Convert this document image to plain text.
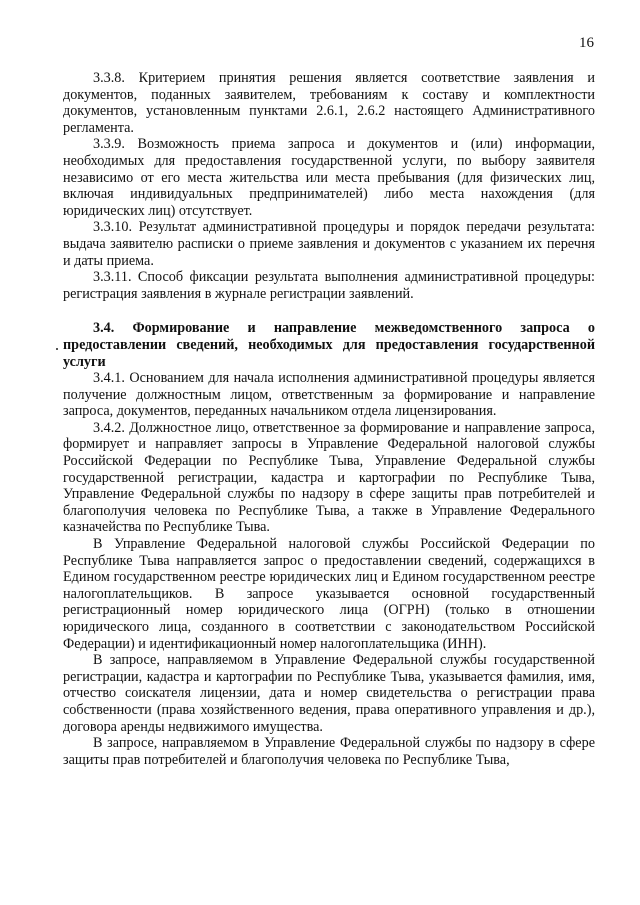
16

3.3.8. Критерием принятия решения является соответствие заявления и документов, поданных заявителем, требованиям к составу и комплектности документов, установленным пунктами 2.6.1, 2.6.2 настоящего Административного регламента.

3.3.9. Возможность приема запроса и документов и (или) информации, необходимых для предоставления государственной услуги, по выбору заявителя независимо от его места жительства или места пребывания (для физических лиц, включая индивидуальных предпринимателей) либо места нахождения (для юридических лиц) отсутствует.

3.3.10. Результат административной процедуры и порядок передачи результата: выдача заявителю расписки о приеме заявления и документов с указанием их перечня и даты приема.

3.3.11. Способ фиксации результата выполнения административной процедуры: регистрация заявления в журнале регистрации заявлений.

3.4. Формирование и направление межведомственного запроса о предоставлении сведений, необходимых для предоставления государственной услуги

3.4.1. Основанием для начала исполнения административной процедуры является получение должностным лицом, ответственным за формирование и направление запроса, документов, переданных начальником отдела лицензирования.

3.4.2. Должностное лицо, ответственное за формирование и направление запроса, формирует и направляет запросы в Управление Федеральной налоговой службы Российской Федерации по Республике Тыва, Управление Федеральной службы государственной регистрации, кадастра и картографии по Республике Тыва, Управление Федеральной службы по надзору в сфере защиты прав потребителей и благополучия человека по Республике Тыва, а также в Управление Федерального казначейства по Республике Тыва.

В Управление Федеральной налоговой службы Российской Федерации по Республике Тыва направляется запрос о предоставлении сведений, содержащихся в Едином государственном реестре юридических лиц и Едином государственном реестре налогоплательщиков. В запросе указывается основной государственный регистрационный номер юридического лица (ОГРН) (только в отношении юридического лица, созданного в соответствии с законодательством Российской Федерации) и идентификационный номер налогоплательщика (ИНН).

В запросе, направляемом в Управление Федеральной службы государственной регистрации, кадастра и картографии по Республике Тыва, указывается фамилия, имя, отчество соискателя лицензии, дата и номер свидетельства о регистрации права собственности (права хозяйственного ведения, права оперативного управления и др.), договора аренды недвижимого имущества.

В запросе, направляемом в Управление Федеральной службы по надзору в сфере защиты прав потребителей и благополучия человека по Республике Тыва,
